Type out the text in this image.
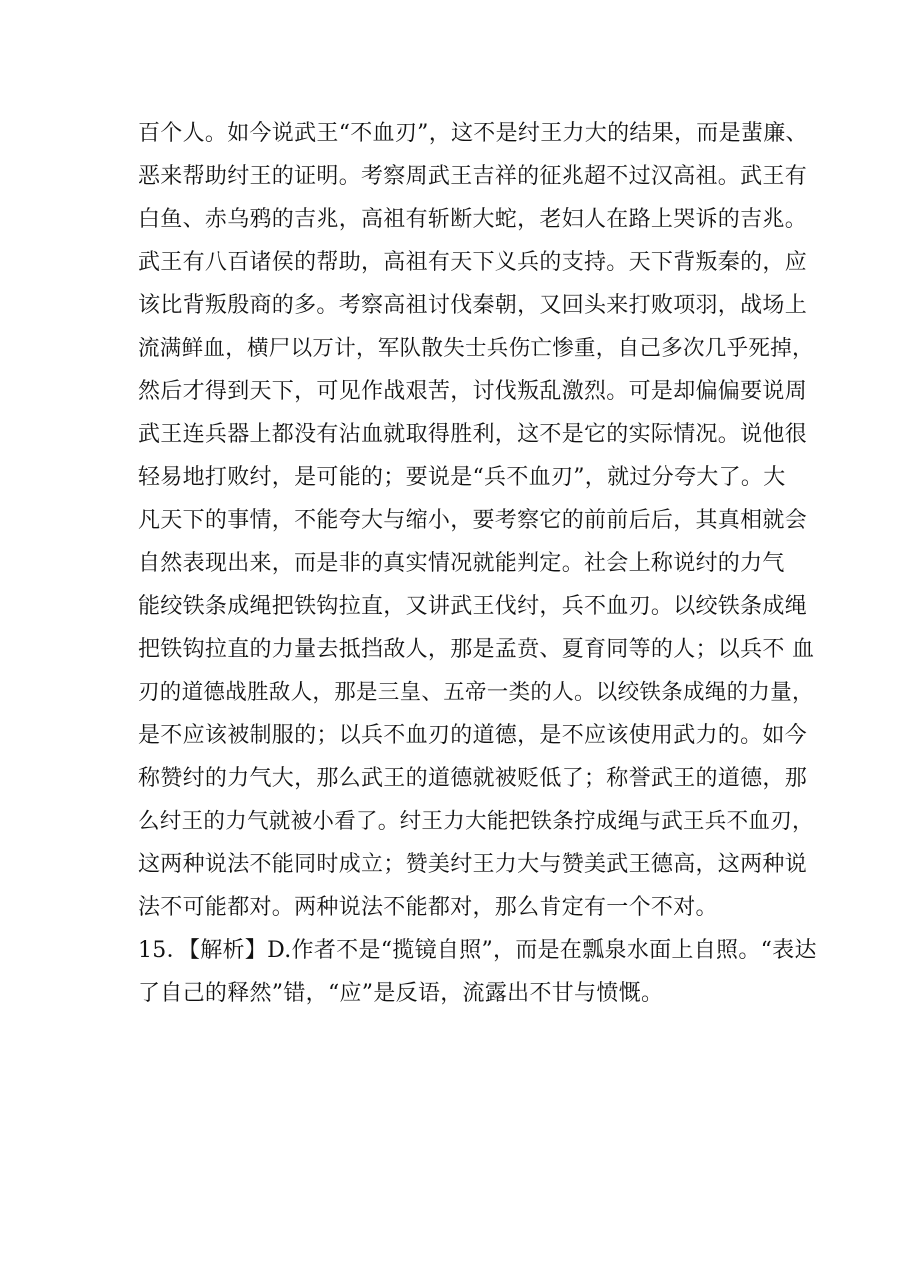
百个人。如今说武王“不血刃”，这不是纣王力大的结果，而是蜚廉、
恶来帮助纣王的证明。考察周武王吉祥的征兆超不过汉高祖。武王有
白鱼、赤乌鸦的吉兆，高祖有斩断大蛇，老妇人在路上哭诉的吉兆。
武王有八百诸侯的帮助，高祖有天下义兵的支持。天下背叛秦的，应
该比背叛殷商的多。考察高祖讨伐秦朝，又回头来打败项羽，战场上
流满鲜血，横尸以万计，军队散失士兵伤亡惨重，自己多次几乎死掉，
然后才得到天下，可见作战艰苦，讨伐叛乱激烈。可是却偏偏要说周
武王连兵器上都没有沾血就取得胜利，这不是它的实际情况。说他很
轻易地打败纣，是可能的；要说是“兵不血刃”，就过分夸大了。大
凡天下的事情，不能夸大与缩小，要考察它的前前后后，其真相就会
自然表现出来，而是非的真实情况就能判定。社会上称说纣的力气
能绞铁条成绳把铁钩拉直，又讲武王伐纣，兵不血刃。以绞铁条成绳
把铁钩拉直的力量去抵挡敌人，那是孟贲、夏育同等的人；以兵不 血
刃的道德战胜敌人，那是三皇、五帝一类的人。以绞铁条成绳的力量，
是不应该被制服的；以兵不血刃的道德，是不应该使用武力的。如今
称赞纣的力气大，那么武王的道德就被贬低了；称誉武王的道德，那
么纣王的力气就被小看了。纣王力大能把铁条拧成绳与武王兵不血刃，
这两种说法不能同时成立；赞美纣王力大与赞美武王德高，这两种说
法不可能都对。两种说法不能都对，那么肯定有一个不对。
15．【解析】D.作者不是“揽镜自照”，而是在瓢泉水面上自照。“表达
了自己的释然”错，“应”是反语，流露出不甘与愤慨。
